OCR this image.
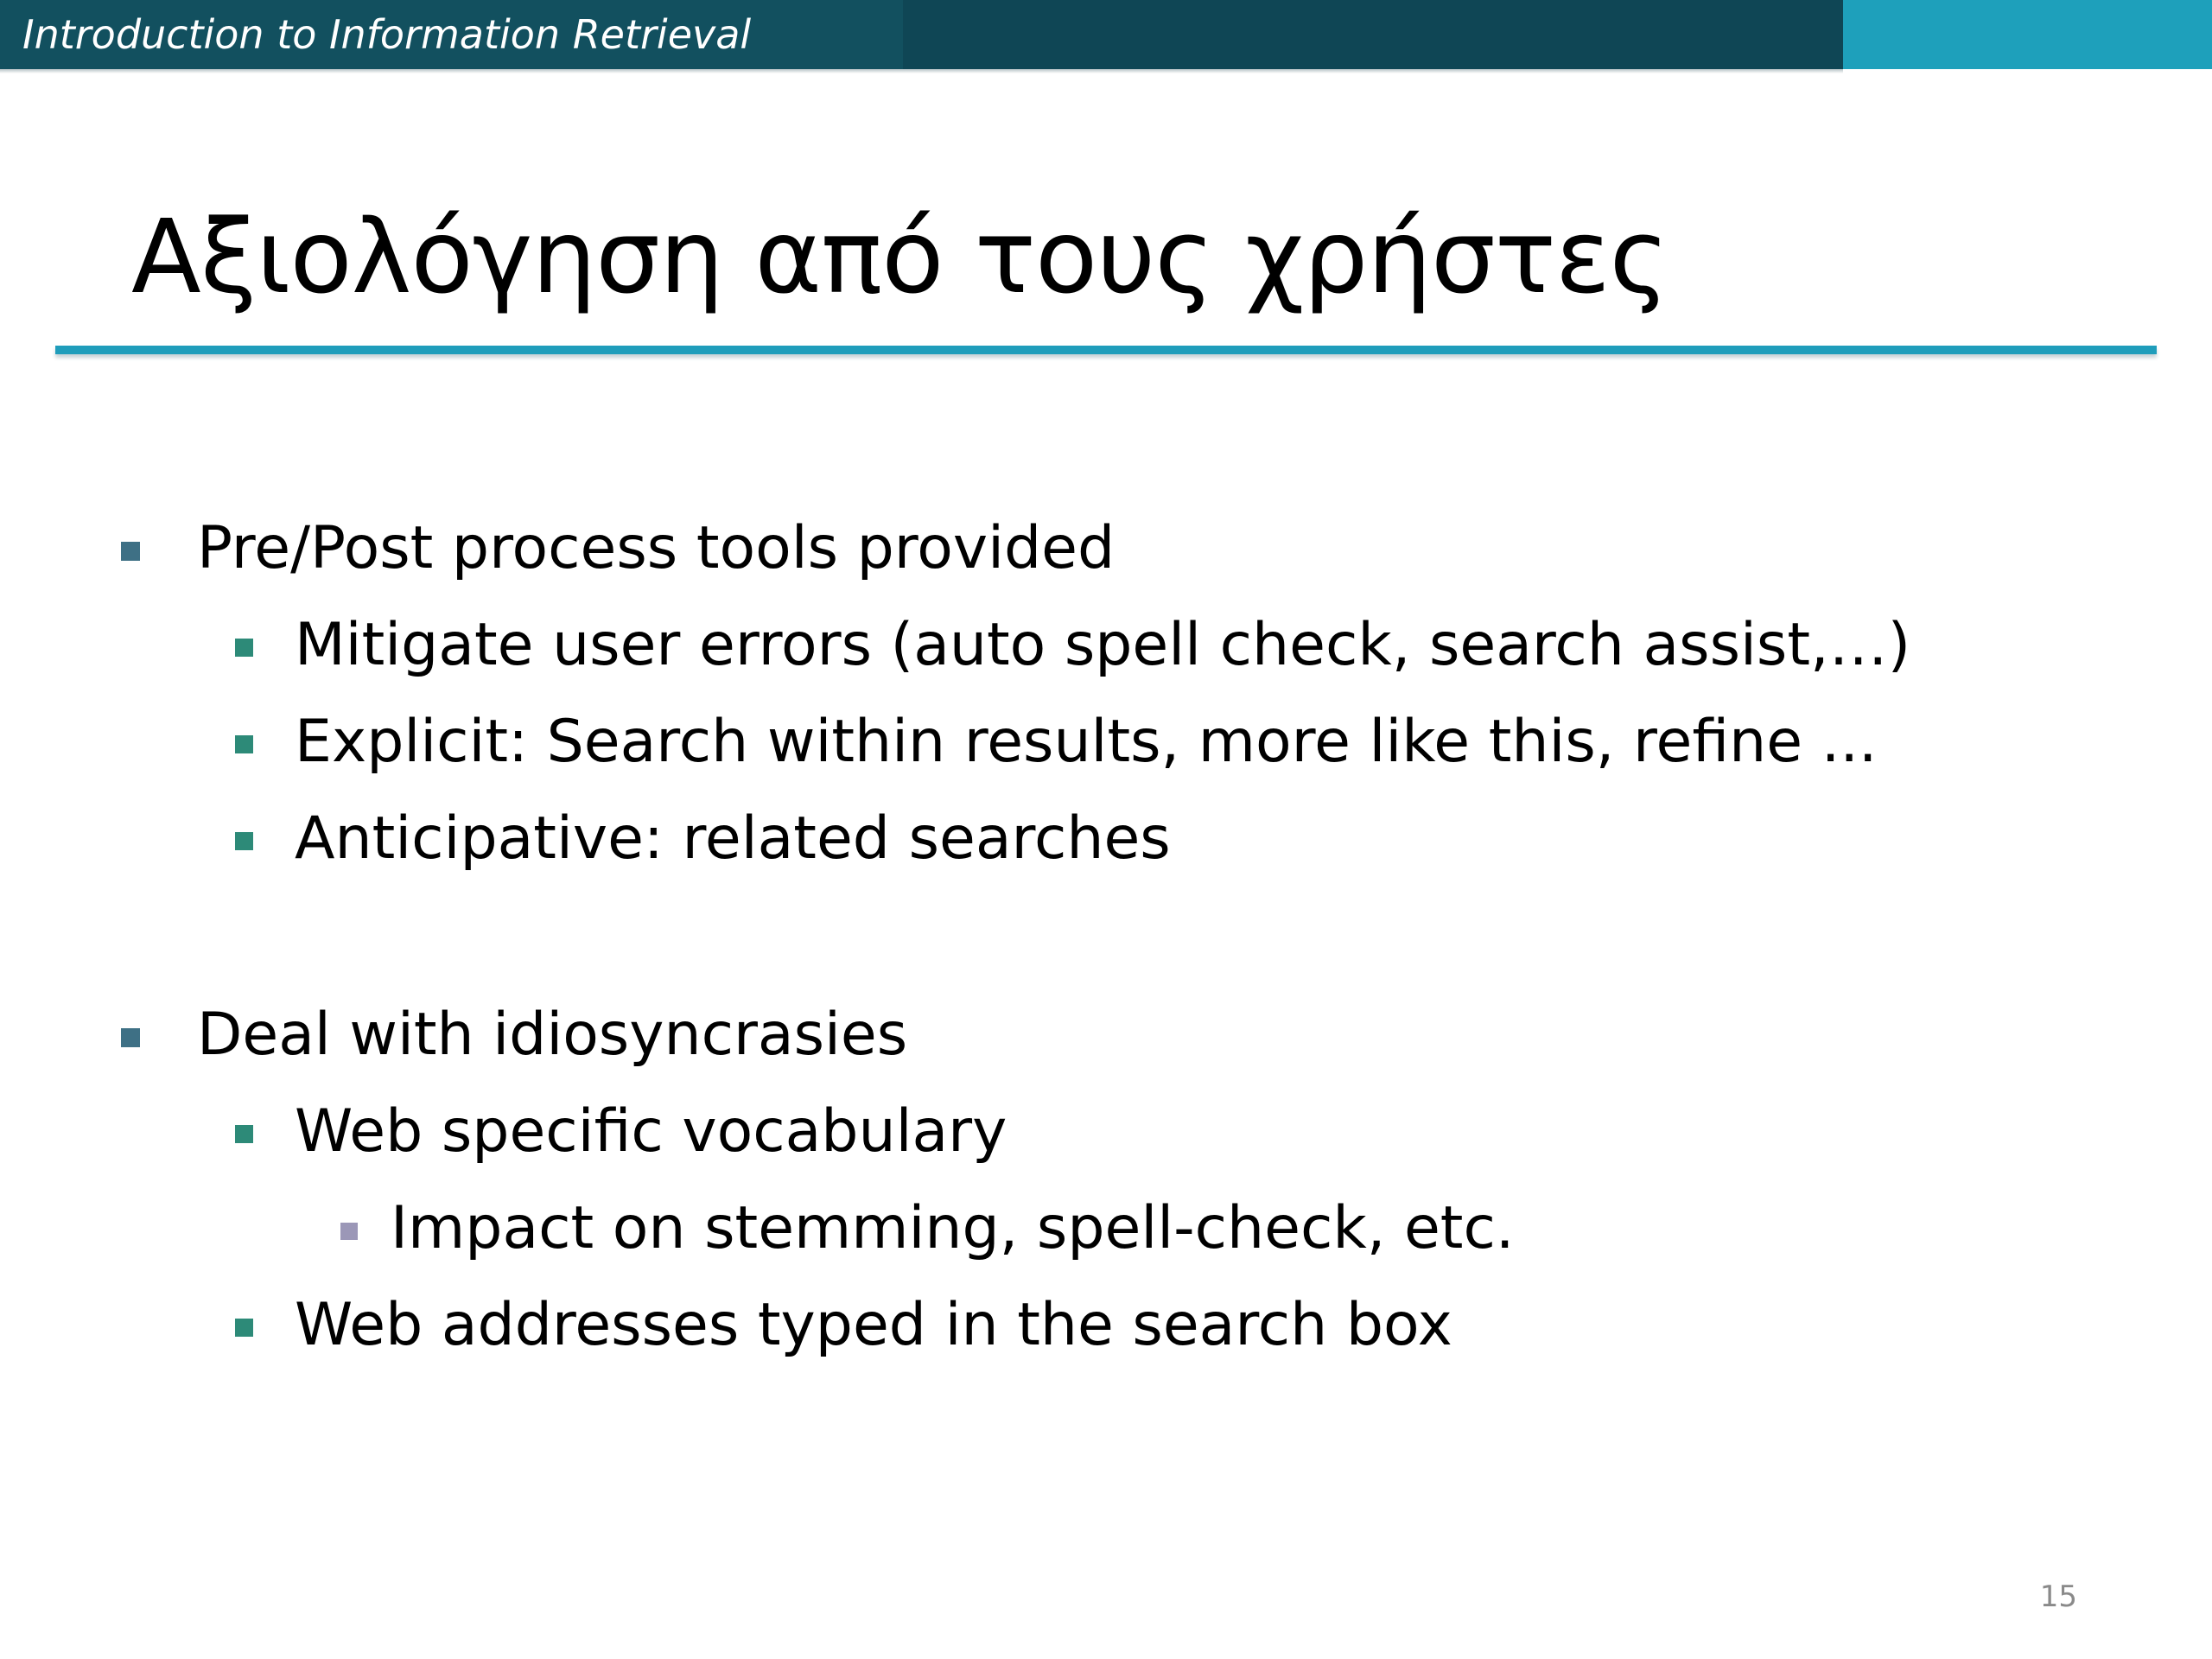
Introduction to Information Retrieval
Αξιολόγηση από τους χρήστες
Pre/Post process tools provided
Mitigate user errors (auto spell check, search assist,…)
Explicit: Search within results, more like this, refine ...
Anticipative: related searches
Deal with idiosyncrasies
Web specific vocabulary
Impact on stemming, spell-check, etc.
Web addresses typed in the search box
15
